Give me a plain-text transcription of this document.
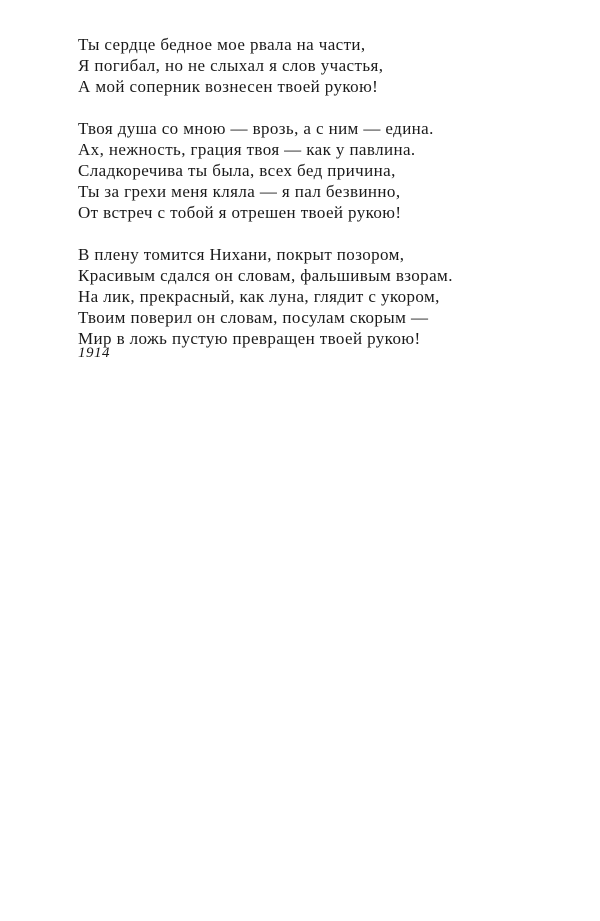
Ты сердце бедное мое рвала на части,
Я погибал, но не слыхал я слов участья,
А мой соперник вознесен твоей рукою!

Твоя душа со мною — врозь, а с ним — едина.
Ах, нежность, грация твоя — как у павлина.
Сладкоречива ты была, всех бед причина,
Ты за грехи меня кляла — я пал безвинно,
От встреч с тобой я отрешен твоей рукою!

В плену томится Нихани, покрыт позором,
Красивым сдался он словам, фальшивым взорам.
На лик, прекрасный, как луна, глядит с укором,
Твоим поверил он словам, посулам скорым —
Мир в ложь пустую превращен твоей рукою!

1914
